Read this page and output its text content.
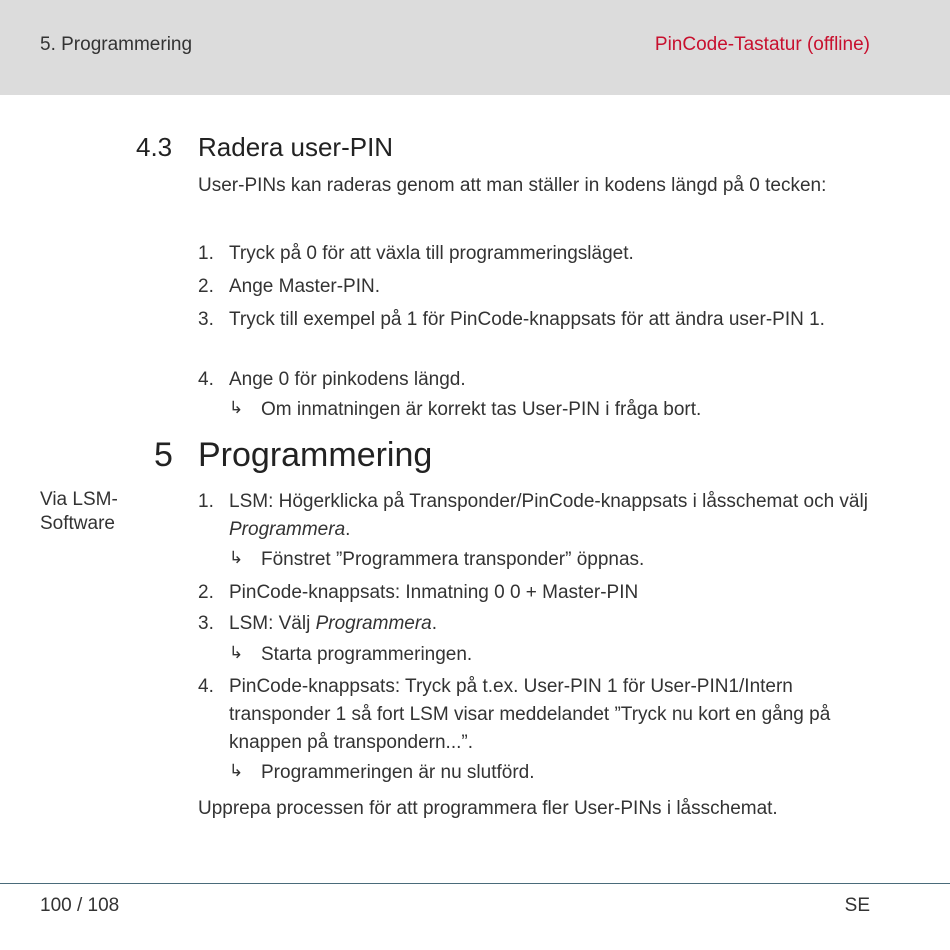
5. Programmering	PinCode-Tastatur (offline)
4.3 Radera user-PIN
User-PINs kan raderas genom att man ställer in kodens längd på 0 tecken:
1. Tryck på 0 för att växla till programmeringsläget.
2. Ange Master-PIN.
3. Tryck till exempel på 1 för PinCode-knappsats för att ändra user-PIN 1.
4. Ange 0 för pinkodens längd.
↳ Om inmatningen är korrekt tas User-PIN i fråga bort.
5 Programmering
Via LSM-Software
1. LSM: Högerklicka på Transponder/PinCode-knappsats i låsschemat och välj Programmera.
↳ Fönstret ”Programmera transponder” öppnas.
2. PinCode-knappsats: Inmatning 0 0 + Master-PIN
3. LSM: Välj Programmera.
↳ Starta programmeringen.
4. PinCode-knappsats: Tryck på t.ex. User-PIN 1 för User-PIN1/Intern transponder 1 så fort LSM visar meddelandet ”Tryck nu kort en gång på knappen på transpondern...”.
↳ Programmeringen är nu slutförd.
Upprepa processen för att programmera fler User-PINs i låsschemat.
100 / 108	SE
